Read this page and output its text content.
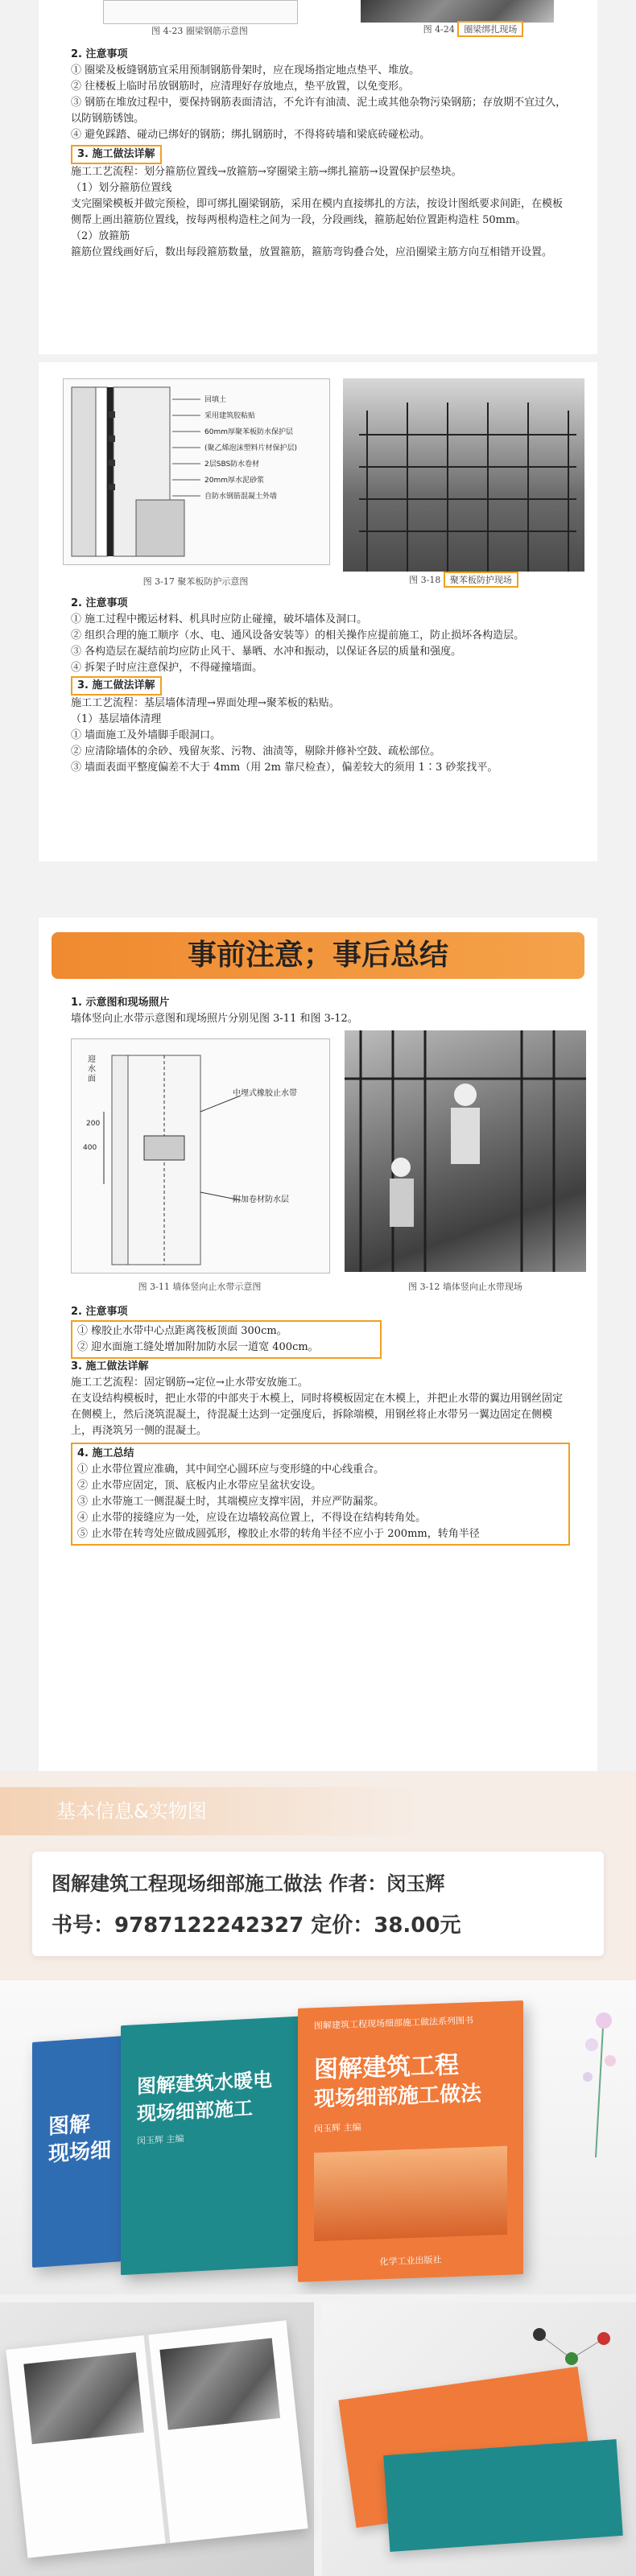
图 4-23 圈梁钢筋示意图	图 4-24 圈梁绑扎现场

2. 注意事项

① 圈梁及板缝钢筋宜采用预制钢筋骨架时，应在现场指定地点垫平、堆放。

② 往楼板上临时吊放钢筋时，应清理好存放地点，垫平放置，以免变形。

③ 钢筋在堆放过程中，要保持钢筋表面清洁，不允许有油渍、泥土或其他杂物污染钢筋；存放期不宜过久，以防钢筋锈蚀。

④ 避免踩踏、碰动已绑好的钢筋；绑扎钢筋时，不得将砖墙和梁底砖碰松动。

3. 施工做法详解

施工工艺流程：划分箍筋位置线→放箍筋→穿圈梁主筋→绑扎箍筋→设置保护层垫块。

（1）划分箍筋位置线

支完圈梁模板并做完预检，即可绑扎圈梁钢筋，采用在模内直接绑扎的方法，按设计图纸要求间距，在模板侧帮上画出箍筋位置线，按每两根构造柱之间为一段，分段画线，箍筋起始位置距构造柱 50mm。

（2）放箍筋

箍筋位置线画好后，数出每段箍筋数量，放置箍筋，箍筋弯钩叠合处，应沿圈梁主筋方向互相错开设置。

回填土
采用建筑胶粘贴
60mm厚聚苯板防水保护层
(聚乙烯泡沫塑料片材保护层)
2层SBS防水卷材
20mm厚水泥砂浆
自防水钢筋混凝土外墙
图 3-17 聚苯板防护示意图	图 3-18 聚苯板防护现场

2. 注意事项

① 施工过程中搬运材料、机具时应防止碰撞，破坏墙体及洞口。

② 组织合理的施工顺序（水、电、通风设备安装等）的相关操作应提前施工，防止损坏各构造层。

③ 各构造层在凝结前均应防止风干、暴晒、水冲和振动，以保证各层的质量和强度。

④ 拆架子时应注意保护，不得碰撞墙面。

3. 施工做法详解

施工工艺流程：基层墙体清理→界面处理→聚苯板的粘贴。

（1）基层墙体清理

① 墙面施工及外墙脚手眼洞口。

② 应清除墙体的余砂、残留灰浆、污物、油渍等，剔除并修补空鼓、疏松部位。

③ 墙面表面平整度偏差不大于 4mm（用 2m 靠尺检查），偏差较大的须用 1∶3 砂浆找平。

事前注意；事后总结

1. 示意图和现场照片

墙体竖向止水带示意图和现场照片分别见图 3-11 和图 3-12。

迎水面
中埋式橡胶止水带
附加卷材防水层
400
200
图 3-11 墙体竖向止水带示意图	图 3-12 墙体竖向止水带现场

2. 注意事项

① 橡胶止水带中心点距离筏板顶面 300cm。

② 迎水面施工缝处增加附加防水层一道宽 400cm。

3. 施工做法详解

施工工艺流程：固定钢筋→定位→止水带安放施工。

在支设结构模板时，把止水带的中部夹于木模上，同时将模板固定在木模上，并把止水带的翼边用钢丝固定在侧模上，然后浇筑混凝土，待混凝土达到一定强度后，拆除端模，用钢丝将止水带另一翼边固定在侧模上，再浇筑另一侧的混凝土。

4. 施工总结

① 止水带位置应准确，其中间空心圆环应与变形缝的中心线重合。

② 止水带应固定，顶、底板内止水带应呈盆状安设。

③ 止水带施工一侧混凝土时，其端模应支撑牢固，并应严防漏浆。

④ 止水带的接缝应为一处，应设在边墙较高位置上，不得设在结构转角处。

⑤ 止水带在转弯处应做成圆弧形，橡胶止水带的转角半径不应小于 200mm，转角半径

基本信息&实物图
图解建筑工程现场细部施工做法 作者：闵玉辉
书号：9787122242327 定价：38.00元
图解
现场细
图解建筑水暖电
现场细部施工
闵玉辉 主编
图解建筑工程现场细部施工做法系列图书
图解建筑工程
现场细部施工做法
闵玉辉 主编
化学工业出版社
